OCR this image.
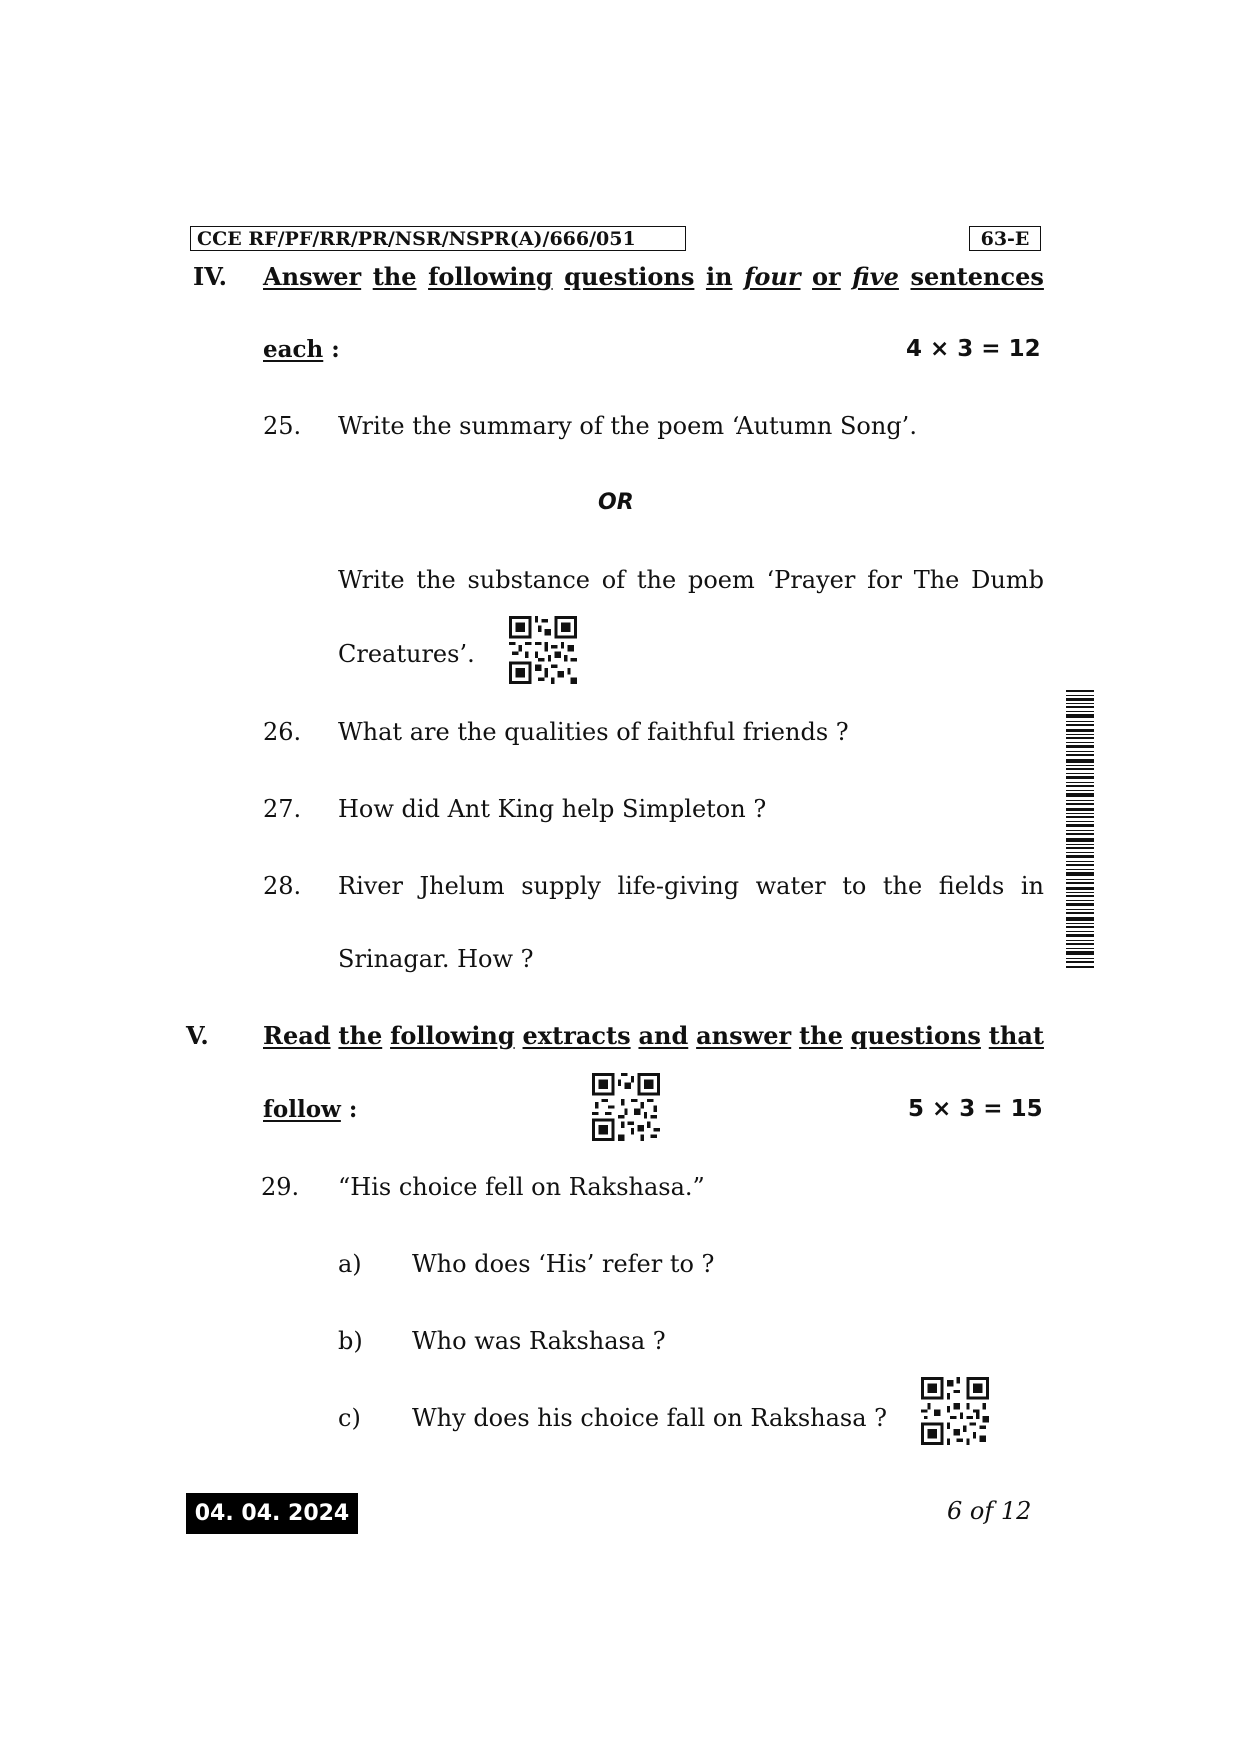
CCE RF/PF/RR/PR/NSR/NSPR(A)/666/051	63-E
IV. Answer the following questions in four or five sentences
each :	4 × 3 = 12
25. Write the summary of the poem ‘Autumn Song’.
OR
Write the substance of the poem ‘Prayer for The Dumb
Creatures’.
26. What are the qualities of faithful friends ?
27. How did Ant King help Simpleton ?
28. River Jhelum supply life-giving water to the fields in
Srinagar. How ?
V. Read the following extracts and answer the questions that
follow :	5 × 3 = 15
29. “His choice fell on Rakshasa.”
a) Who does ‘His’ refer to ?
b) Who was Rakshasa ?
c) Why does his choice fall on Rakshasa ?
04. 04. 2024	6 of 12
